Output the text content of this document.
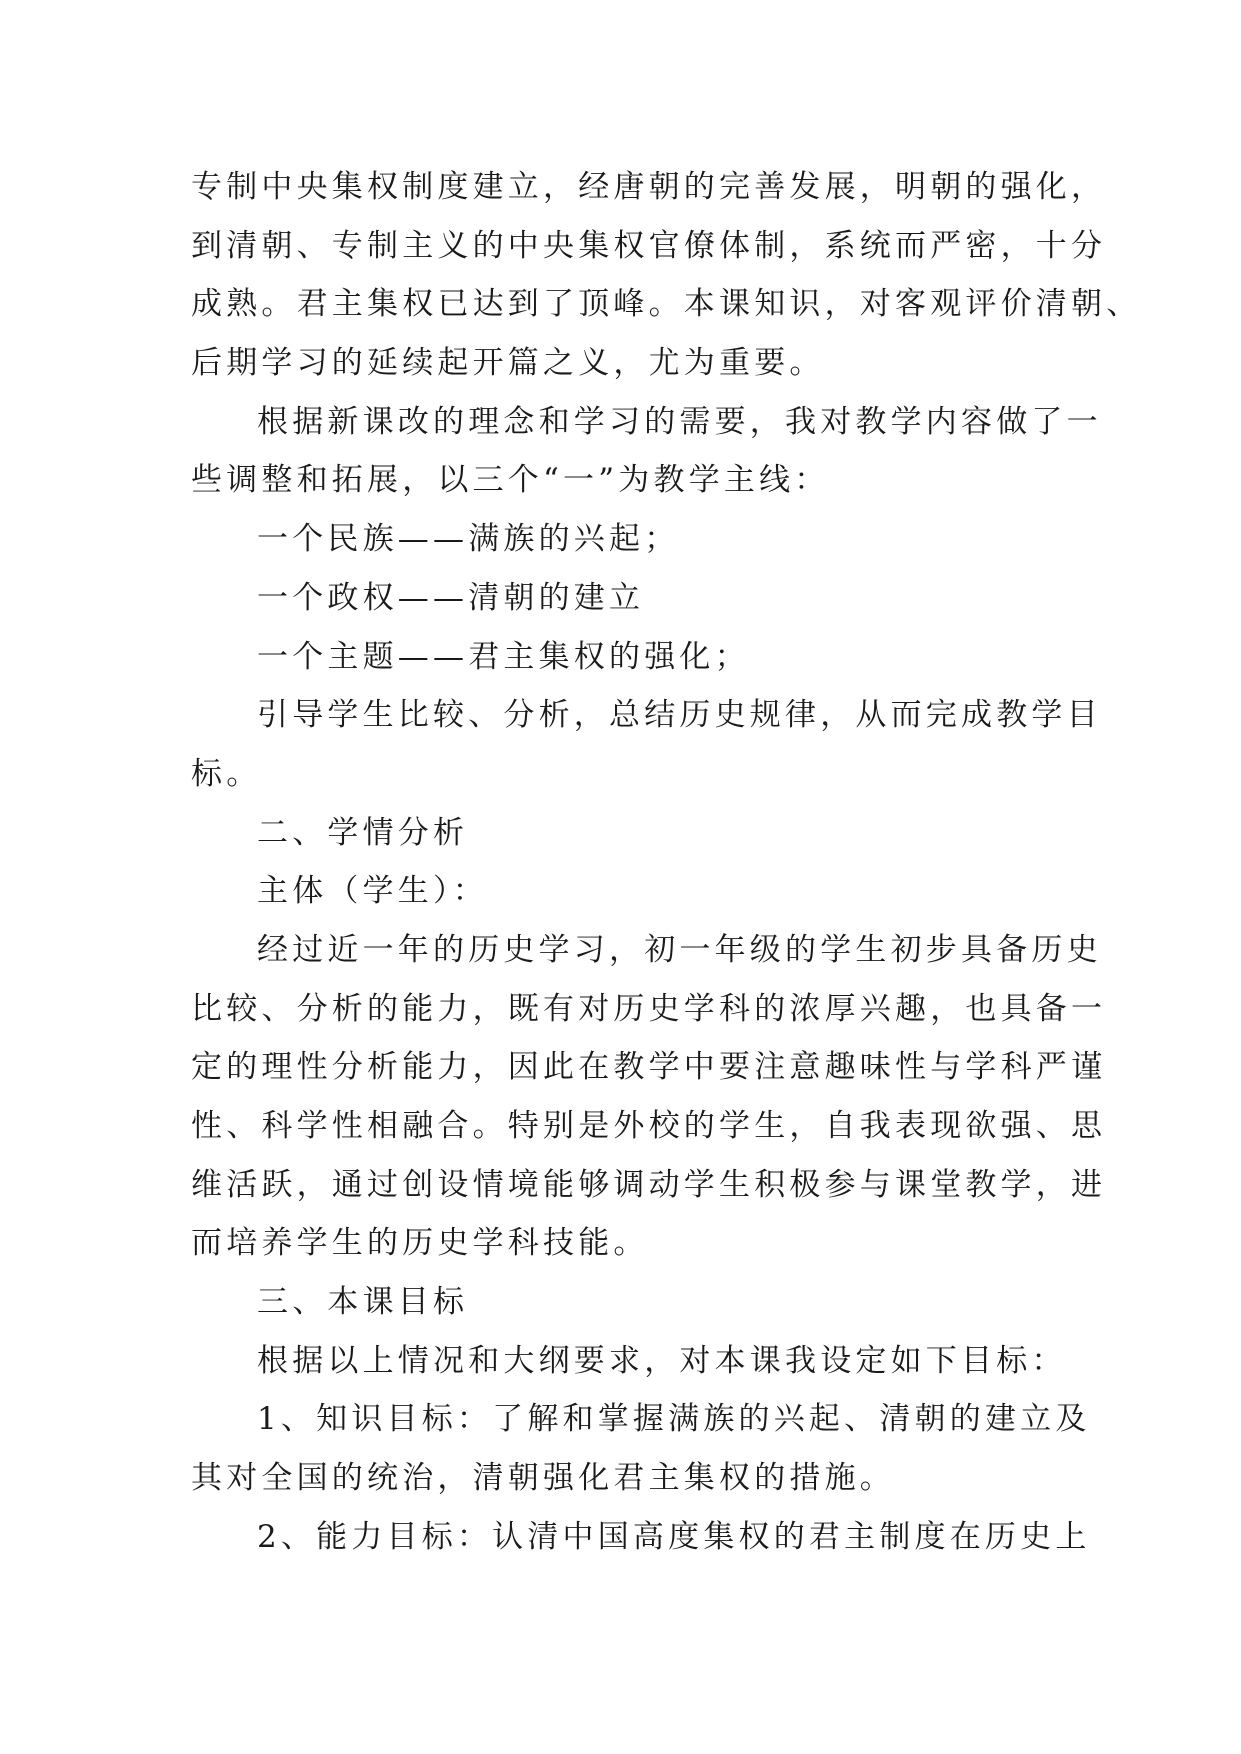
专制中央集权制度建立，经唐朝的完善发展，明朝的强化，
到清朝、专制主义的中央集权官僚体制，系统而严密，十分
成熟。君主集权已达到了顶峰。本课知识，对客观评价清朝、
后期学习的延续起开篇之义，尤为重要。
根据新课改的理念和学习的需要，我对教学内容做了一
些调整和拓展，以三个“一”为教学主线：
一个民族——满族的兴起；
一个政权——清朝的建立
一个主题——君主集权的强化；
引导学生比较、分析，总结历史规律，从而完成教学目
标。
二、学情分析
主体（学生）：
经过近一年的历史学习，初一年级的学生初步具备历史
比较、分析的能力，既有对历史学科的浓厚兴趣，也具备一
定的理性分析能力，因此在教学中要注意趣味性与学科严谨
性、科学性相融合。特别是外校的学生，自我表现欲强、思
维活跃，通过创设情境能够调动学生积极参与课堂教学，进
而培养学生的历史学科技能。
三、本课目标
根据以上情况和大纲要求，对本课我设定如下目标：
1、知识目标：了解和掌握满族的兴起、清朝的建立及
其对全国的统治，清朝强化君主集权的措施。
2、能力目标：认清中国高度集权的君主制度在历史上
